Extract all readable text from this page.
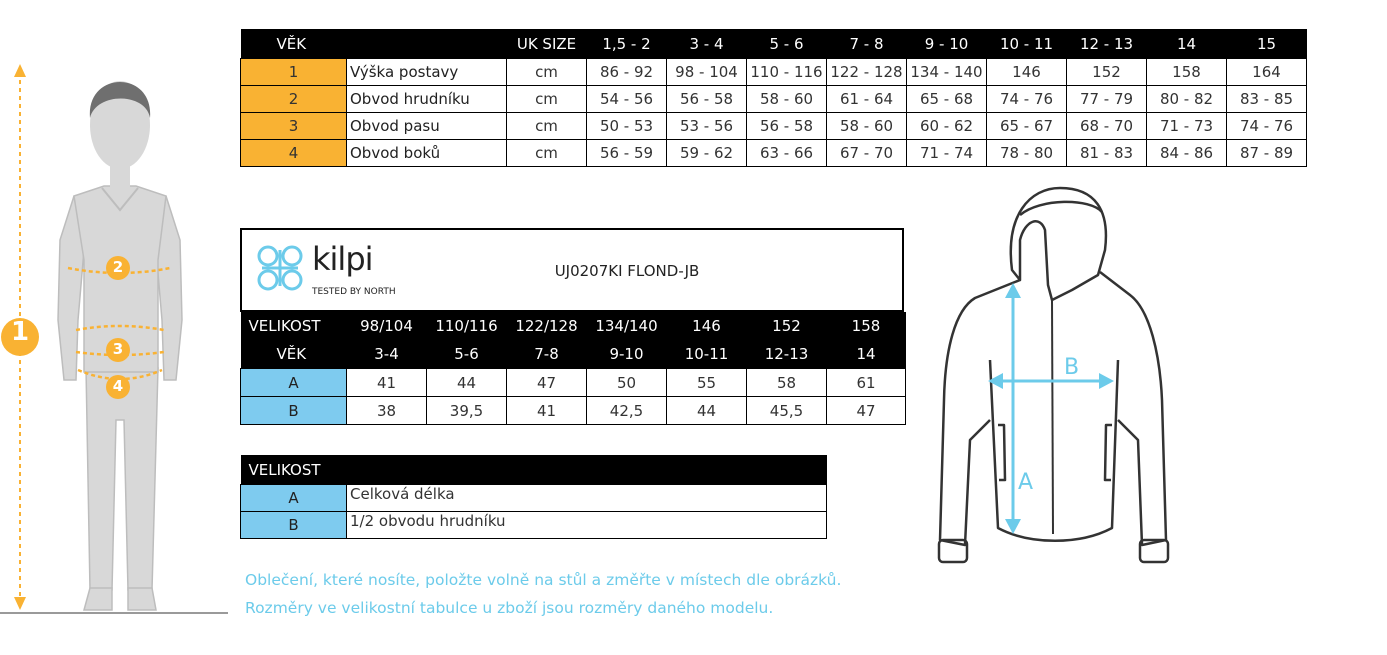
1
2
3
4
VĚK		UK SIZE	1,5 - 2	3 - 4	5 - 6	7 - 8	9 - 10	10 - 11	12 - 13	14	15
1	Výška postavy	cm	86 - 92	98 - 104	110 - 116	122 - 128	134 - 140	146	152	158	164
2	Obvod hrudníku	cm	54 - 56	56 - 58	58 - 60	61 - 64	65 - 68	74 - 76	77 - 79	80 - 82	83 - 85
3	Obvod pasu	cm	50 - 53	53 - 56	56 - 58	58 - 60	60 - 62	65 - 67	68 - 70	71 - 73	74 - 76
4	Obvod boků	cm	56 - 59	59 - 62	63 - 66	67 - 70	71 - 74	78 - 80	81 - 83	84 - 86	87 - 89
kilpi
TESTED BY NORTH
UJ0207KI FLOND-JB
VELIKOST	98/104	110/116	122/128	134/140	146	152	158
VĚK	3-4	5-6	7-8	9-10	10-11	12-13	14
A	41	44	47	50	55	58	61
B	38	39,5	41	42,5	44	45,5	47
VELIKOST	
A	Celková délka
B	1/2 obvodu hrudníku
Oblečení, které nosíte, položte volně na stůl a změřte v místech dle obrázků.
Rozměry ve velikostní tabulce u zboží jsou rozměry daného modelu.
A
B
